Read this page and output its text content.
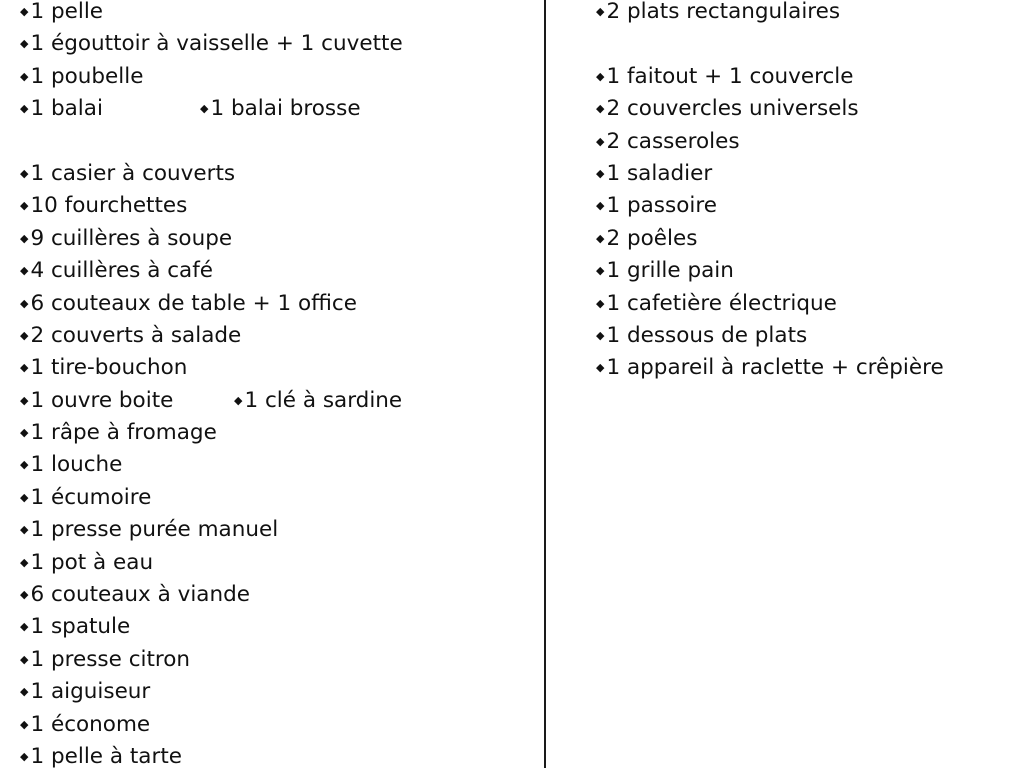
◆1 pelle
◆1 égouttoir à vaisselle + 1 cuvette
◆1 poubelle
◆1 balai	◆1 balai brosse
◆1 casier à couverts
◆10 fourchettes
◆9 cuillères à soupe
◆4 cuillères à café
◆6 couteaux de table + 1 office
◆2 couverts à salade
◆1 tire-bouchon
◆1 ouvre boite	◆1 clé à sardine
◆1 râpe à fromage
◆1 louche
◆1 écumoire
◆1 presse purée manuel
◆1 pot à eau
◆6 couteaux à viande
◆1 spatule
◆1 presse citron
◆1 aiguiseur
◆1 économe
◆1 pelle à tarte
◆2 plats rectangulaires
◆1 faitout + 1 couvercle
◆2 couvercles universels
◆2 casseroles
◆1 saladier
◆1 passoire
◆2 poêles
◆1 grille pain
◆1 cafetière électrique
◆1 dessous de plats
◆1 appareil à raclette + crêpière
